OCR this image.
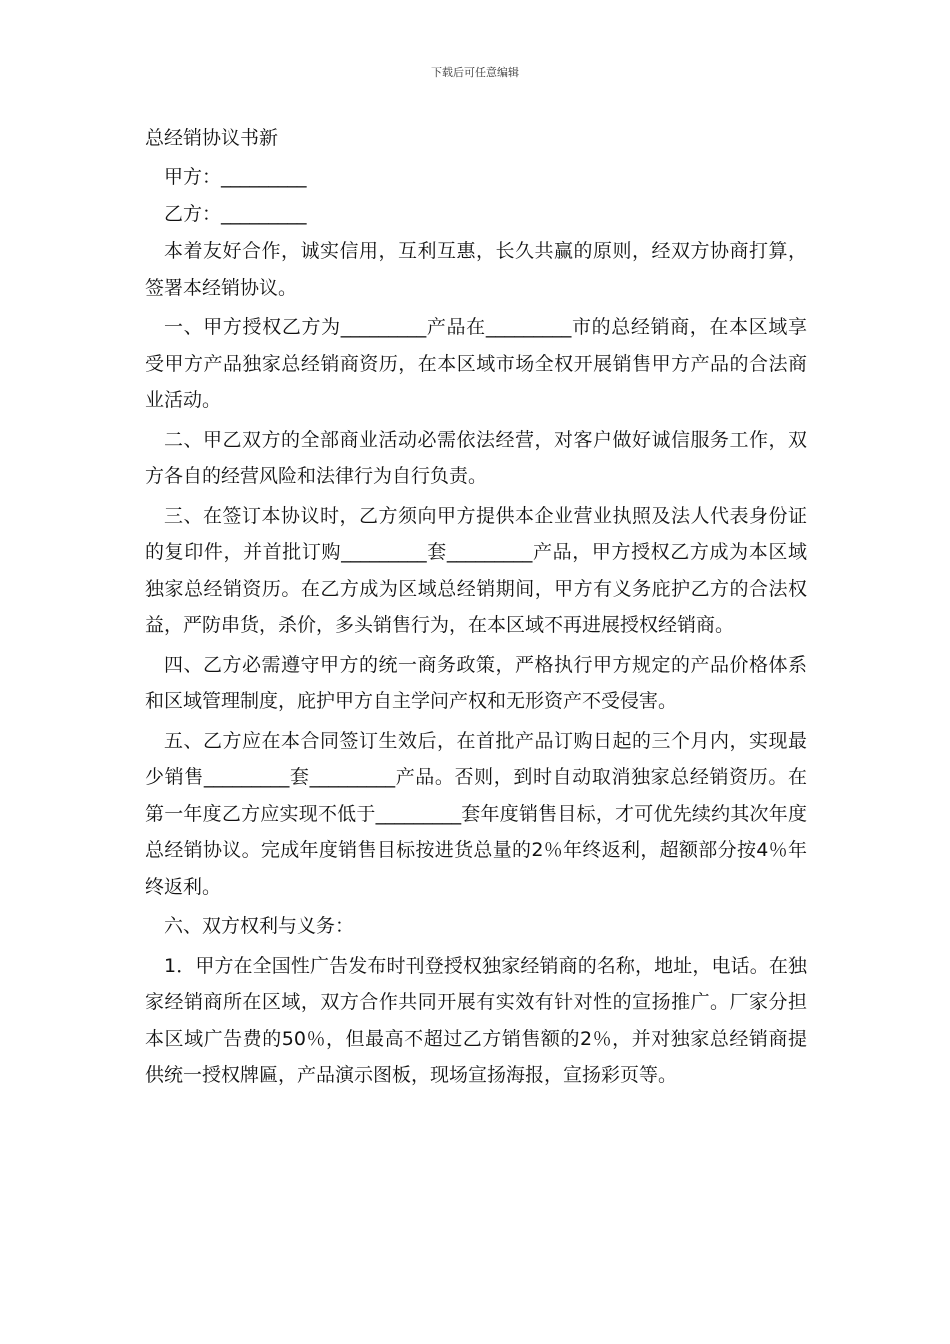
下载后可任意编辑
总经销协议书新

甲方：_________

乙方：_________

本着友好合作，诚实信用，互利互惠，长久共赢的原则，经双方协商打算，签署本经销协议。

一、甲方授权乙方为_________产品在_________市的总经销商，在本区域享受甲方产品独家总经销商资历，在本区域市场全权开展销售甲方产品的合法商业活动。

二、甲乙双方的全部商业活动必需依法经营，对客户做好诚信服务工作，双方各自的经营风险和法律行为自行负责。

三、在签订本协议时，乙方须向甲方提供本企业营业执照及法人代表身份证的复印件，并首批订购_________套_________产品，甲方授权乙方成为本区域独家总经销资历。在乙方成为区域总经销期间，甲方有义务庇护乙方的合法权益，严防串货，杀价，多头销售行为，在本区域不再进展授权经销商。

四、乙方必需遵守甲方的统一商务政策，严格执行甲方规定的产品价格体系和区域管理制度，庇护甲方自主学问产权和无形资产不受侵害。

五、乙方应在本合同签订生效后，在首批产品订购日起的三个月内，实现最少销售_________套_________产品。否则，到时自动取消独家总经销资历。在第一年度乙方应实现不低于_________套年度销售目标，才可优先续约其次年度总经销协议。完成年度销售目标按进货总量的2％年终返利，超额部分按4％年终返利。

六、双方权利与义务：

1．甲方在全国性广告发布时刊登授权独家经销商的名称，地址，电话。在独家经销商所在区域，双方合作共同开展有实效有针对性的宣扬推广。厂家分担本区域广告费的50％，但最高不超过乙方销售额的2％，并对独家总经销商提供统一授权牌匾，产品演示图板，现场宣扬海报，宣扬彩页等。
